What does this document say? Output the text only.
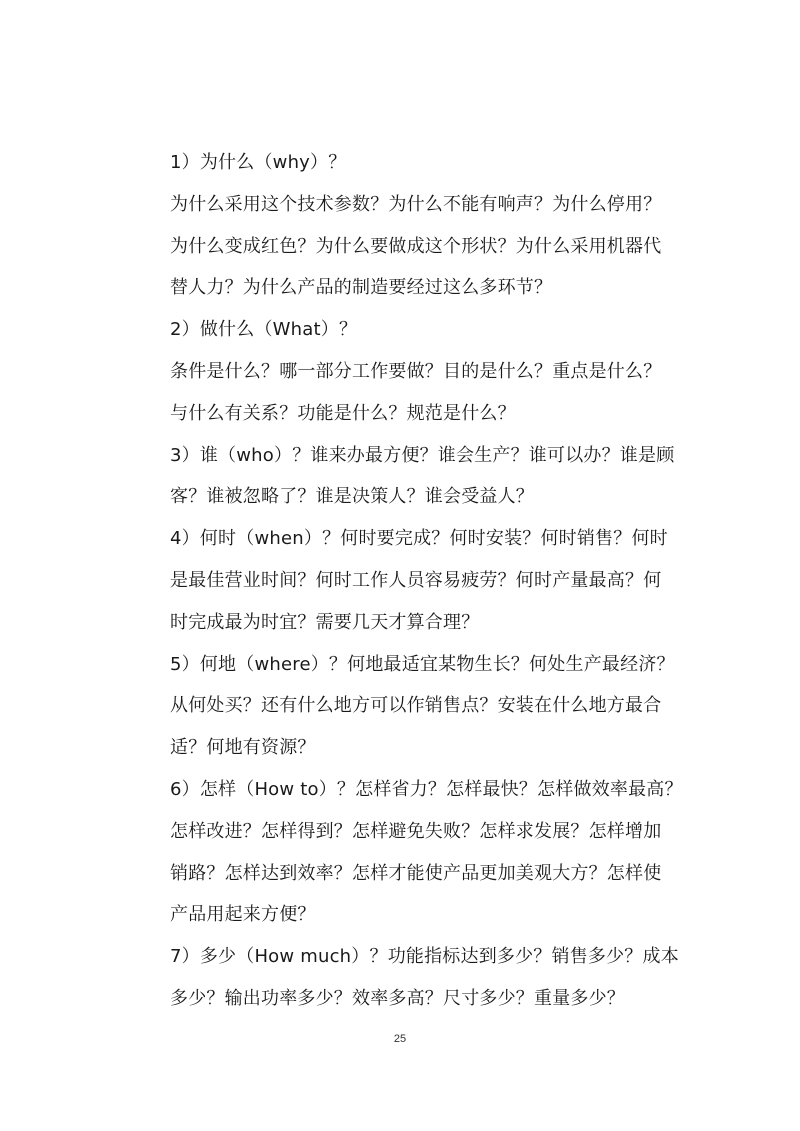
1）为什么（why）？
为什么采用这个技术参数？为什么不能有响声？为什么停用？
为什么变成红色？为什么要做成这个形状？为什么采用机器代
替人力？为什么产品的制造要经过这么多环节？
2）做什么（What）？
条件是什么？哪一部分工作要做？目的是什么？重点是什么？
与什么有关系？功能是什么？规范是什么？
3）谁（who）？谁来办最方便？谁会生产？谁可以办？谁是顾
客？谁被忽略了？谁是决策人？谁会受益人？
4）何时（when）？何时要完成？何时安装？何时销售？何时
是最佳营业时间？何时工作人员容易疲劳？何时产量最高？何
时完成最为时宜？需要几天才算合理？
5）何地（where）？何地最适宜某物生长？何处生产最经济？
从何处买？还有什么地方可以作销售点？安装在什么地方最合
适？何地有资源？
6）怎样（How to）？怎样省力？怎样最快？怎样做效率最高？
怎样改进？怎样得到？怎样避免失败？怎样求发展？怎样增加
销路？怎样达到效率？怎样才能使产品更加美观大方？怎样使
产品用起来方便？
7）多少（How much）？功能指标达到多少？销售多少？成本
多少？输出功率多少？效率多高？尺寸多少？重量多少？
25
